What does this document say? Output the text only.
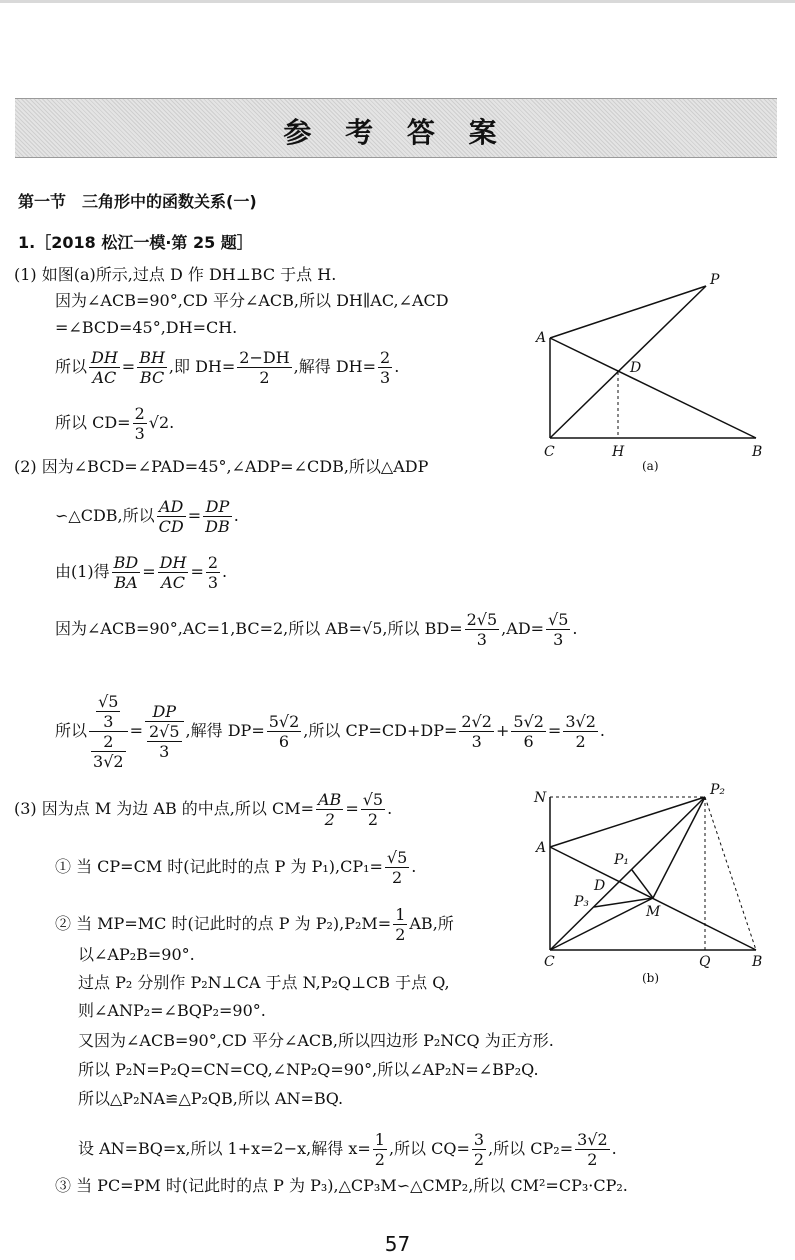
参 考 答 案
第一节　三角形中的函数关系(一)
1.［2018 松江一模·第 25 题］
(1) 如图(a)所示,过点 D 作 DH⊥BC 于点 H.
因为∠ACB=90°,CD 平分∠ACB,所以 DH∥AC,∠ACD
=∠BCD=45°,DH=CH.
所以 $\frac{DH}{AC} = \frac{BH}{BC}$ ,即 $DH= \frac{2-DH}{2}$ ,解得 $DH= \frac{2}{3}$ .
所以 $CD= \frac{2}{3} √2$.
P
A
D
C	H	B
(a)
(2) 因为∠BCD=∠PAD=45°,∠ADP=∠CDB,所以△ADP
∽△CDB,所以 $\frac{AD}{CD} = \frac{DP}{DB}$ .
由(1)得 $\frac{BD}{BA} = \frac{DH}{AC} = \frac{2}{3}$ .
因为∠ACB=90°,AC=1,BC=2,所以 AB=√5,所以 $BD= \frac{2√5}{3} ,AD= \frac{√5}{3}$ .
所以 $\frac{\frac{√5}{3}}{\frac{2}{3√2}} = \frac{DP}{\frac{2√5}{3}}$ ,解得 $DP= \frac{5√2}{6}$ ,所以 $CP=CD+DP= \frac{2√2}{3} + \frac{5√2}{6} = \frac{3√2}{2}$ .
(3) 因为点 M 为边 AB 的中点,所以 $CM= \frac{AB}{2} = \frac{√5}{2}$ .
① 当 CP=CM 时(记此时的点 P 为 $P_1),CP_1= \frac{√5}{2}$ .
② 当 MP=MC 时(记此时的点 P 为 $P_2),P_2M= \frac{1}{2}$ AB,所
以∠AP₂B=90°.
过点 P₂ 分别作 P₂N⊥CA 于点 N,P₂Q⊥CB 于点 Q,
则∠ANP₂=∠BQP₂=90°.
又因为∠ACB=90°,CD 平分∠ACB,所以四边形 P₂NCQ 为正方形.
所以 P₂N=P₂Q=CN=CQ,∠NP₂Q=90°,所以∠AP₂N=∠BP₂Q.
所以△P₂NA≌△P₂QB,所以 AN=BQ.
设 AN=BQ=x,所以 1+x=2−x,解得 $x= \frac{1}{2}$ ,所以 $CQ= \frac{3}{2}$ ,所以 $CP_2= \frac{3√2}{2}$ .
③ 当 PC=PM 时(记此时的点 P 为 P₃),△CP₃M∽△CMP₂,所以 CM²=CP₃·CP₂.
N	P₂
A
P₁
D
P₃
M
C	Q	B
(b)
57
